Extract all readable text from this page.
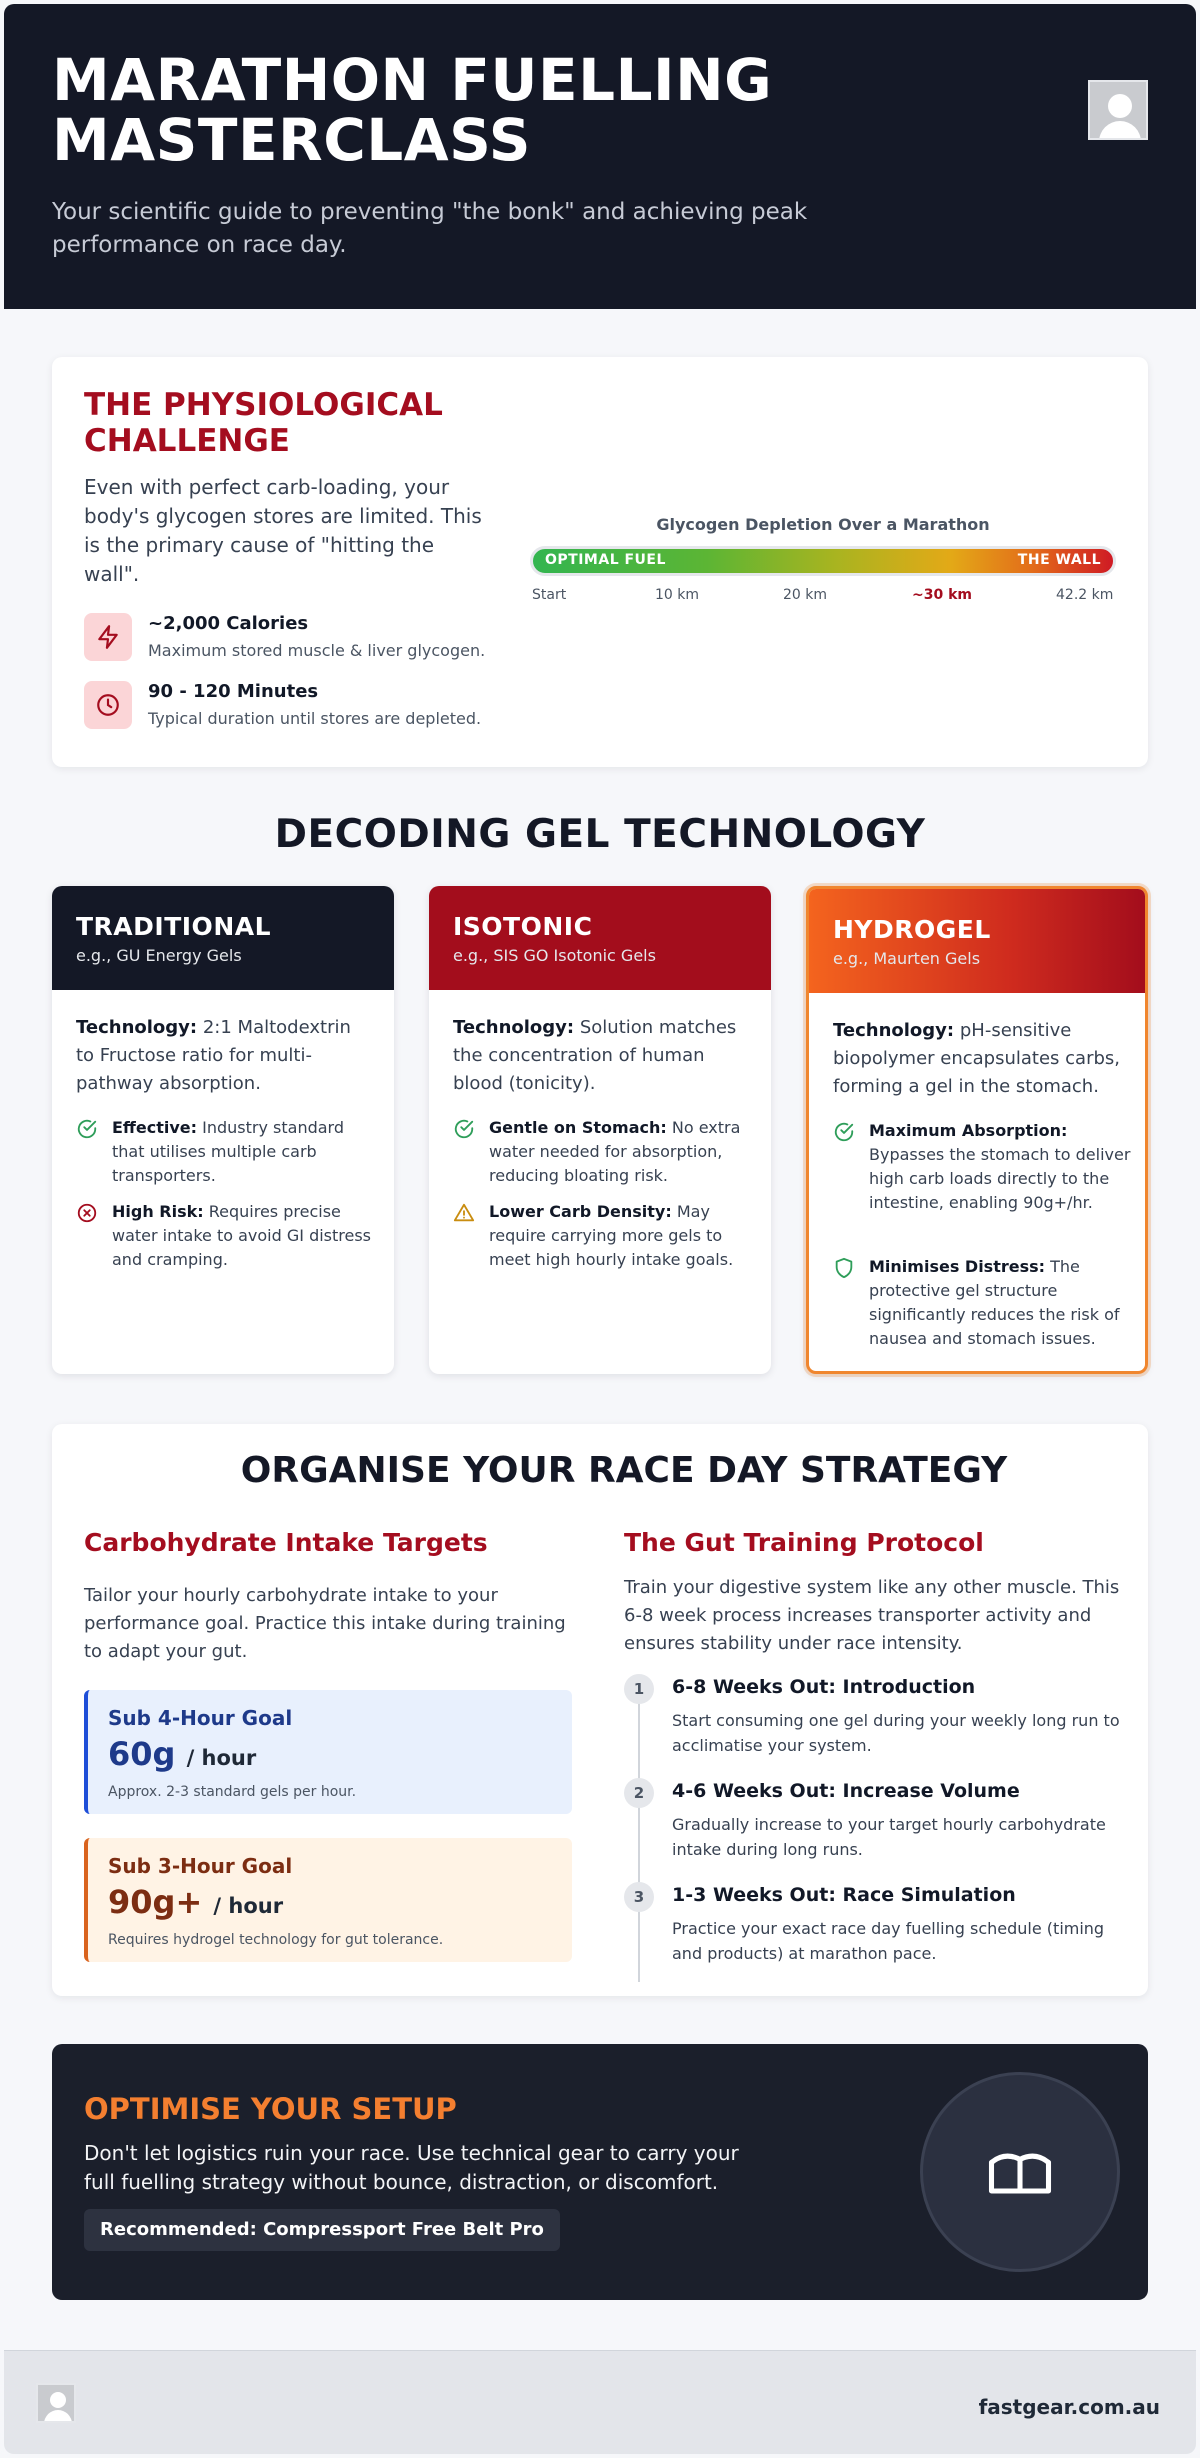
MARATHON FUELLING MASTERCLASS

Your scientific guide to preventing "the bonk" and achieving peak performance on race day.

THE PHYSIOLOGICAL CHALLENGE
Even with perfect carb-loading, your body's glycogen stores are limited. This is the primary cause of "hitting the wall".
~2,000 Calories
Maximum stored muscle & liver glycogen.
90 - 120 Minutes
Typical duration until stores are depleted.
Glycogen Depletion Over a Marathon
OPTIMAL FUEL	THE WALL
Start	10 km	20 km	~30 km	42.2 km
DECODING GEL TECHNOLOGY
TRADITIONAL
e.g., GU Energy Gels
Technology: 2:1 Maltodextrin to Fructose ratio for multi-pathway absorption.
Effective: Industry standard that utilises multiple carb transporters.
High Risk: Requires precise water intake to avoid GI distress and cramping.
ISOTONIC
e.g., SIS GO Isotonic Gels
Technology: Solution matches the concentration of human blood (tonicity).
Gentle on Stomach: No extra water needed for absorption, reducing bloating risk.
Lower Carb Density: May require carrying more gels to meet high hourly intake goals.
HYDROGEL
e.g., Maurten Gels
Technology: pH-sensitive biopolymer encapsulates carbs, forming a gel in the stomach.
Maximum Absorption: Bypasses the stomach to deliver high carb loads directly to the intestine, enabling 90g+/hr.
Minimises Distress: The protective gel structure significantly reduces the risk of nausea and stomach issues.
ORGANISE YOUR RACE DAY STRATEGY
Carbohydrate Intake Targets
Tailor your hourly carbohydrate intake to your performance goal. Practice this intake during training to adapt your gut.
Sub 4-Hour Goal
60g / hour
Approx. 2-3 standard gels per hour.
Sub 3-Hour Goal
90g+ / hour
Requires hydrogel technology for gut tolerance.
The Gut Training Protocol
Train your digestive system like any other muscle. This 6-8 week process increases transporter activity and ensures stability under race intensity.
1	6-8 Weeks Out: Introduction
Start consuming one gel during your weekly long run to acclimatise your system.
2	4-6 Weeks Out: Increase Volume
Gradually increase to your target hourly carbohydrate intake during long runs.
3	1-3 Weeks Out: Race Simulation
Practice your exact race day fuelling schedule (timing and products) at marathon pace.
OPTIMISE YOUR SETUP

Don't let logistics ruin your race. Use technical gear to carry your full fuelling strategy without bounce, distraction, or discomfort.

Recommended: Compressport Free Belt Pro
fastgear.com.au
